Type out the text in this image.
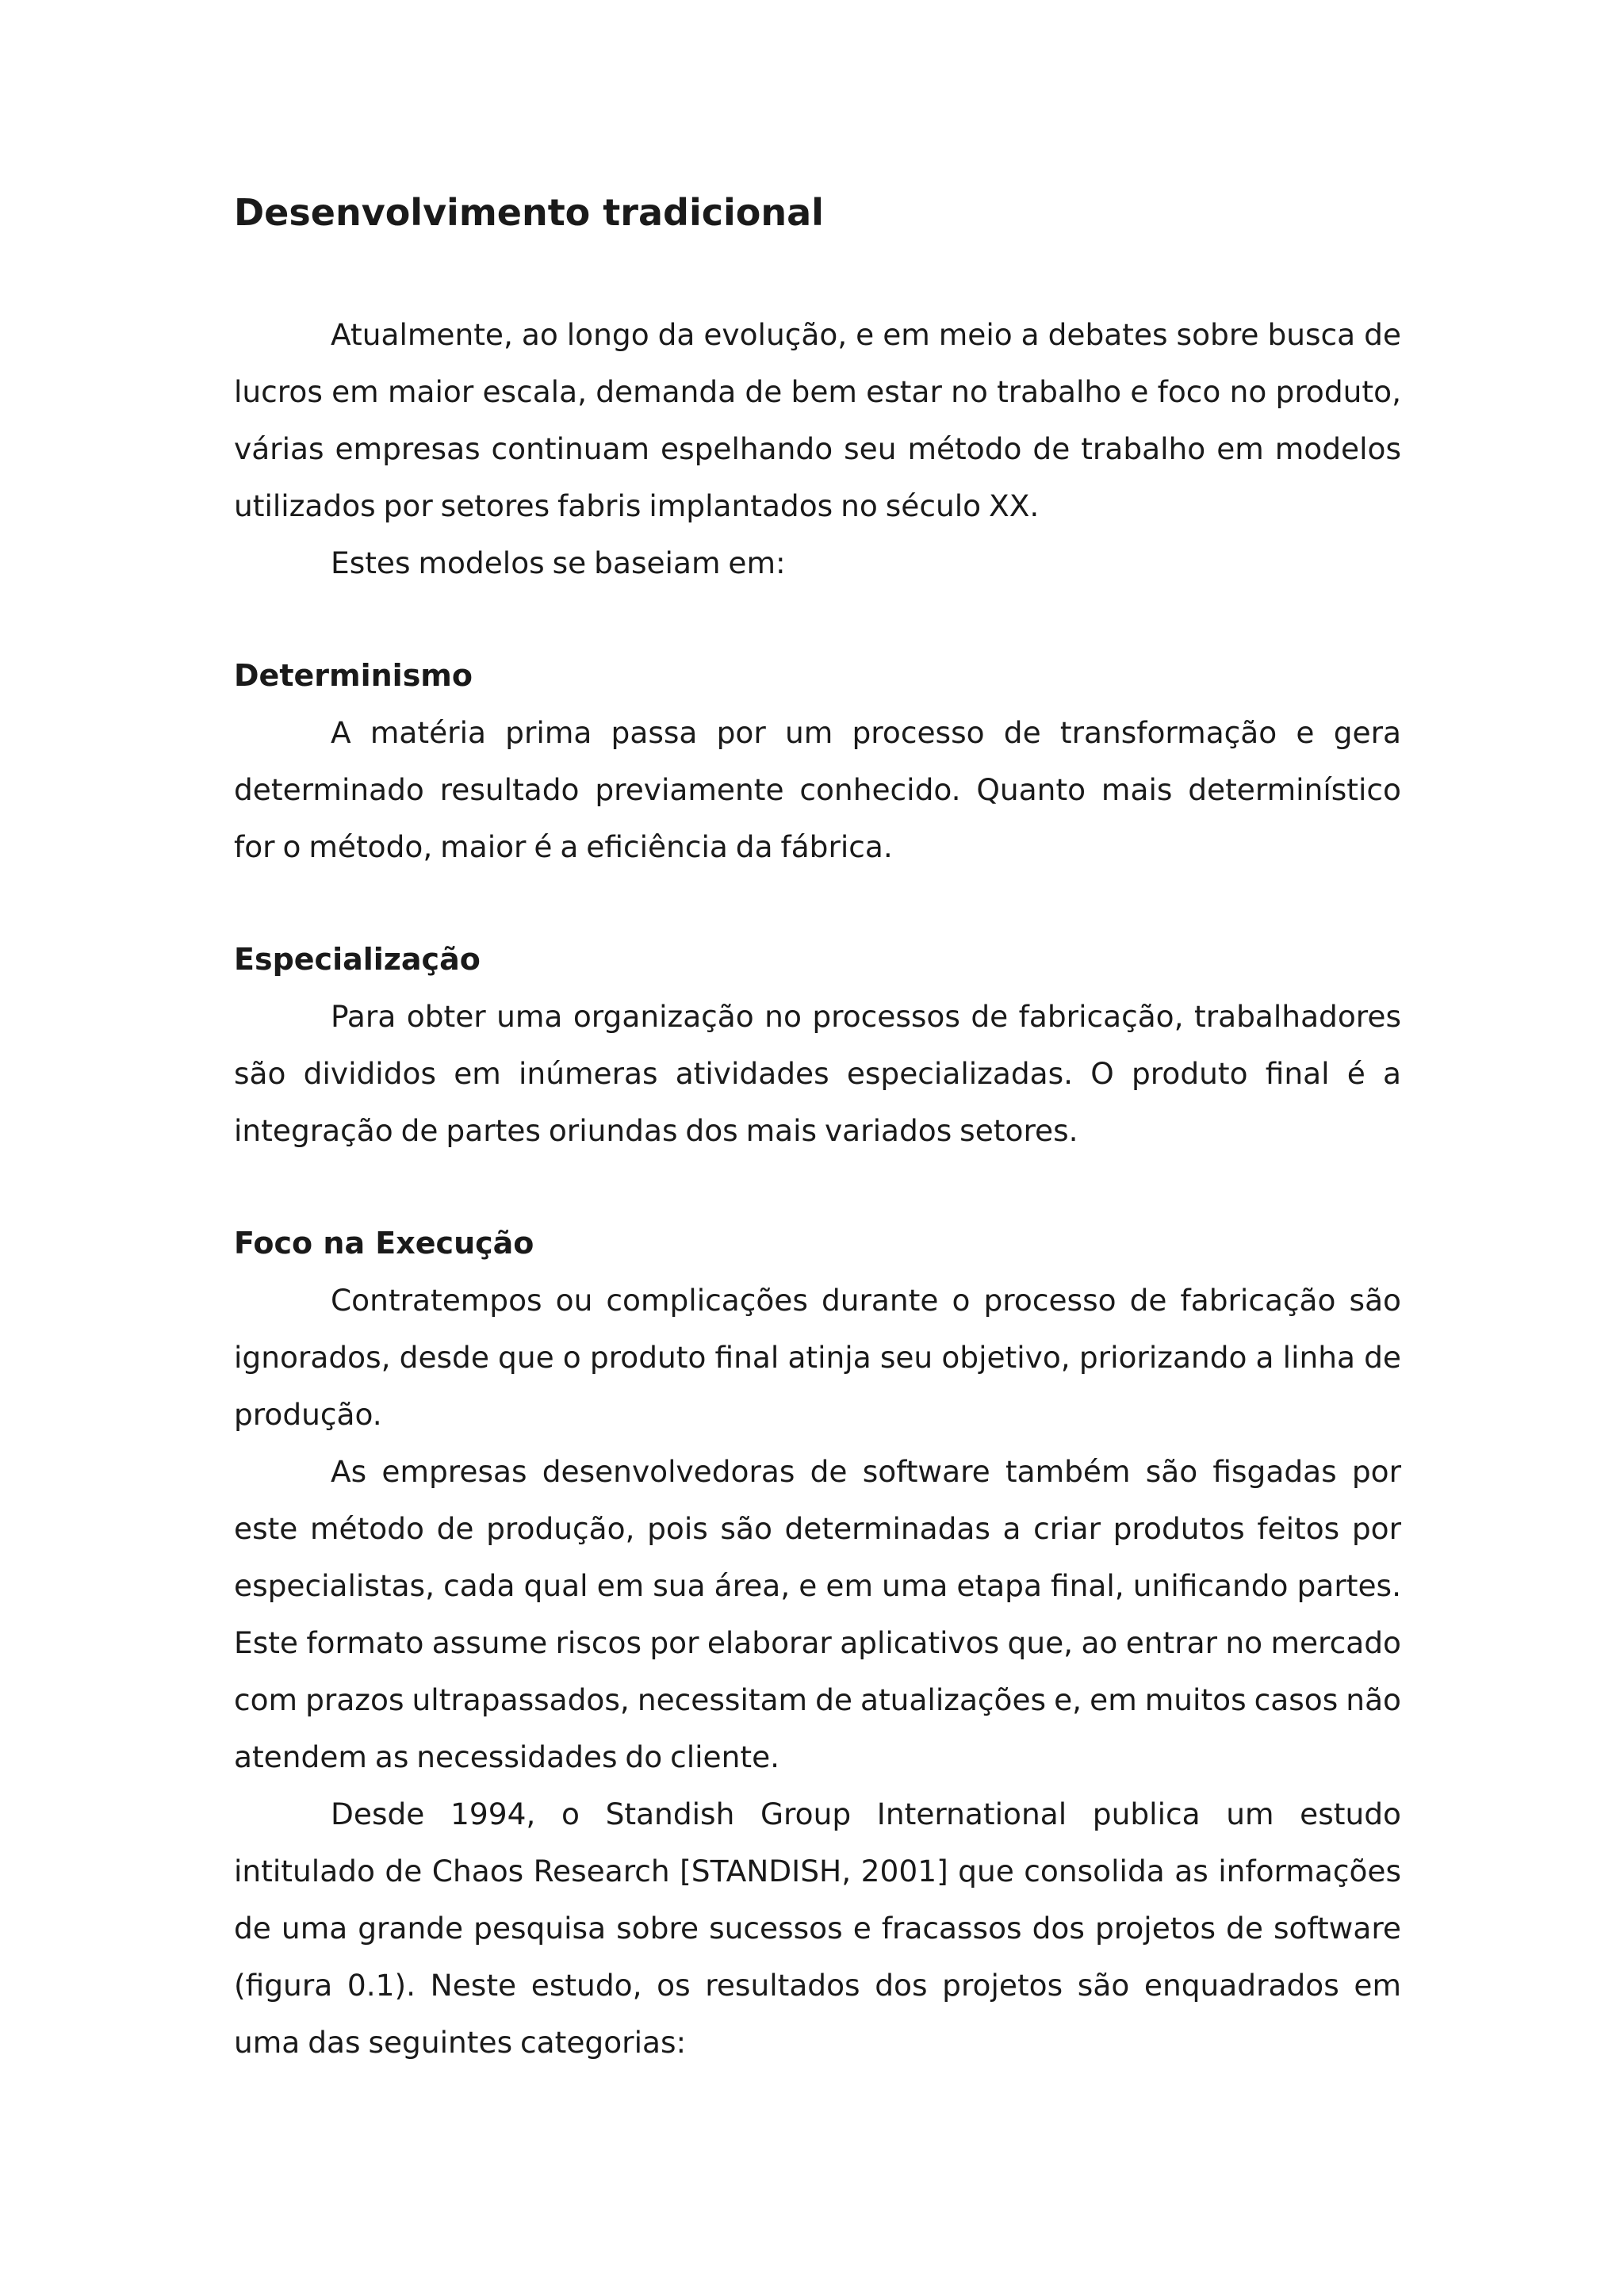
Desenvolvimento tradicional

Atualmente, ao longo da evolução, e em meio a debates sobre busca de lucros em maior escala, demanda de bem estar no trabalho e foco no produto, várias empresas continuam espelhando seu método de trabalho em modelos utilizados por setores fabris implantados no século XX.

Estes modelos se baseiam em:

Determinismo

A matéria prima passa por um processo de transformação e gera determinado resultado previamente conhecido. Quanto mais determinístico for o método, maior é a eficiência da fábrica.

Especialização

Para obter uma organização no processos de fabricação, trabalhadores são divididos em inúmeras atividades especializadas. O produto final é a integração de partes oriundas dos mais variados setores.

Foco na Execução

Contratempos ou complicações durante o processo de fabricação são ignorados, desde que o produto final atinja seu objetivo, priorizando a linha de produção.

As empresas desenvolvedoras de software também são fisgadas por este método de produção, pois são determinadas a criar produtos feitos por especialistas, cada qual em sua área, e em uma etapa final, unificando partes. Este formato assume riscos por elaborar aplicativos que, ao entrar no mercado com prazos ultrapassados, necessitam de atualizações e, em muitos casos não atendem as necessidades do cliente.

Desde 1994, o Standish Group International publica um estudo intitulado de Chaos Research [STANDISH, 2001] que consolida as informações de uma grande pesquisa sobre sucessos e fracassos dos projetos de software (figura 0.1). Neste estudo, os resultados dos projetos são enquadrados em uma das seguintes categorias:
